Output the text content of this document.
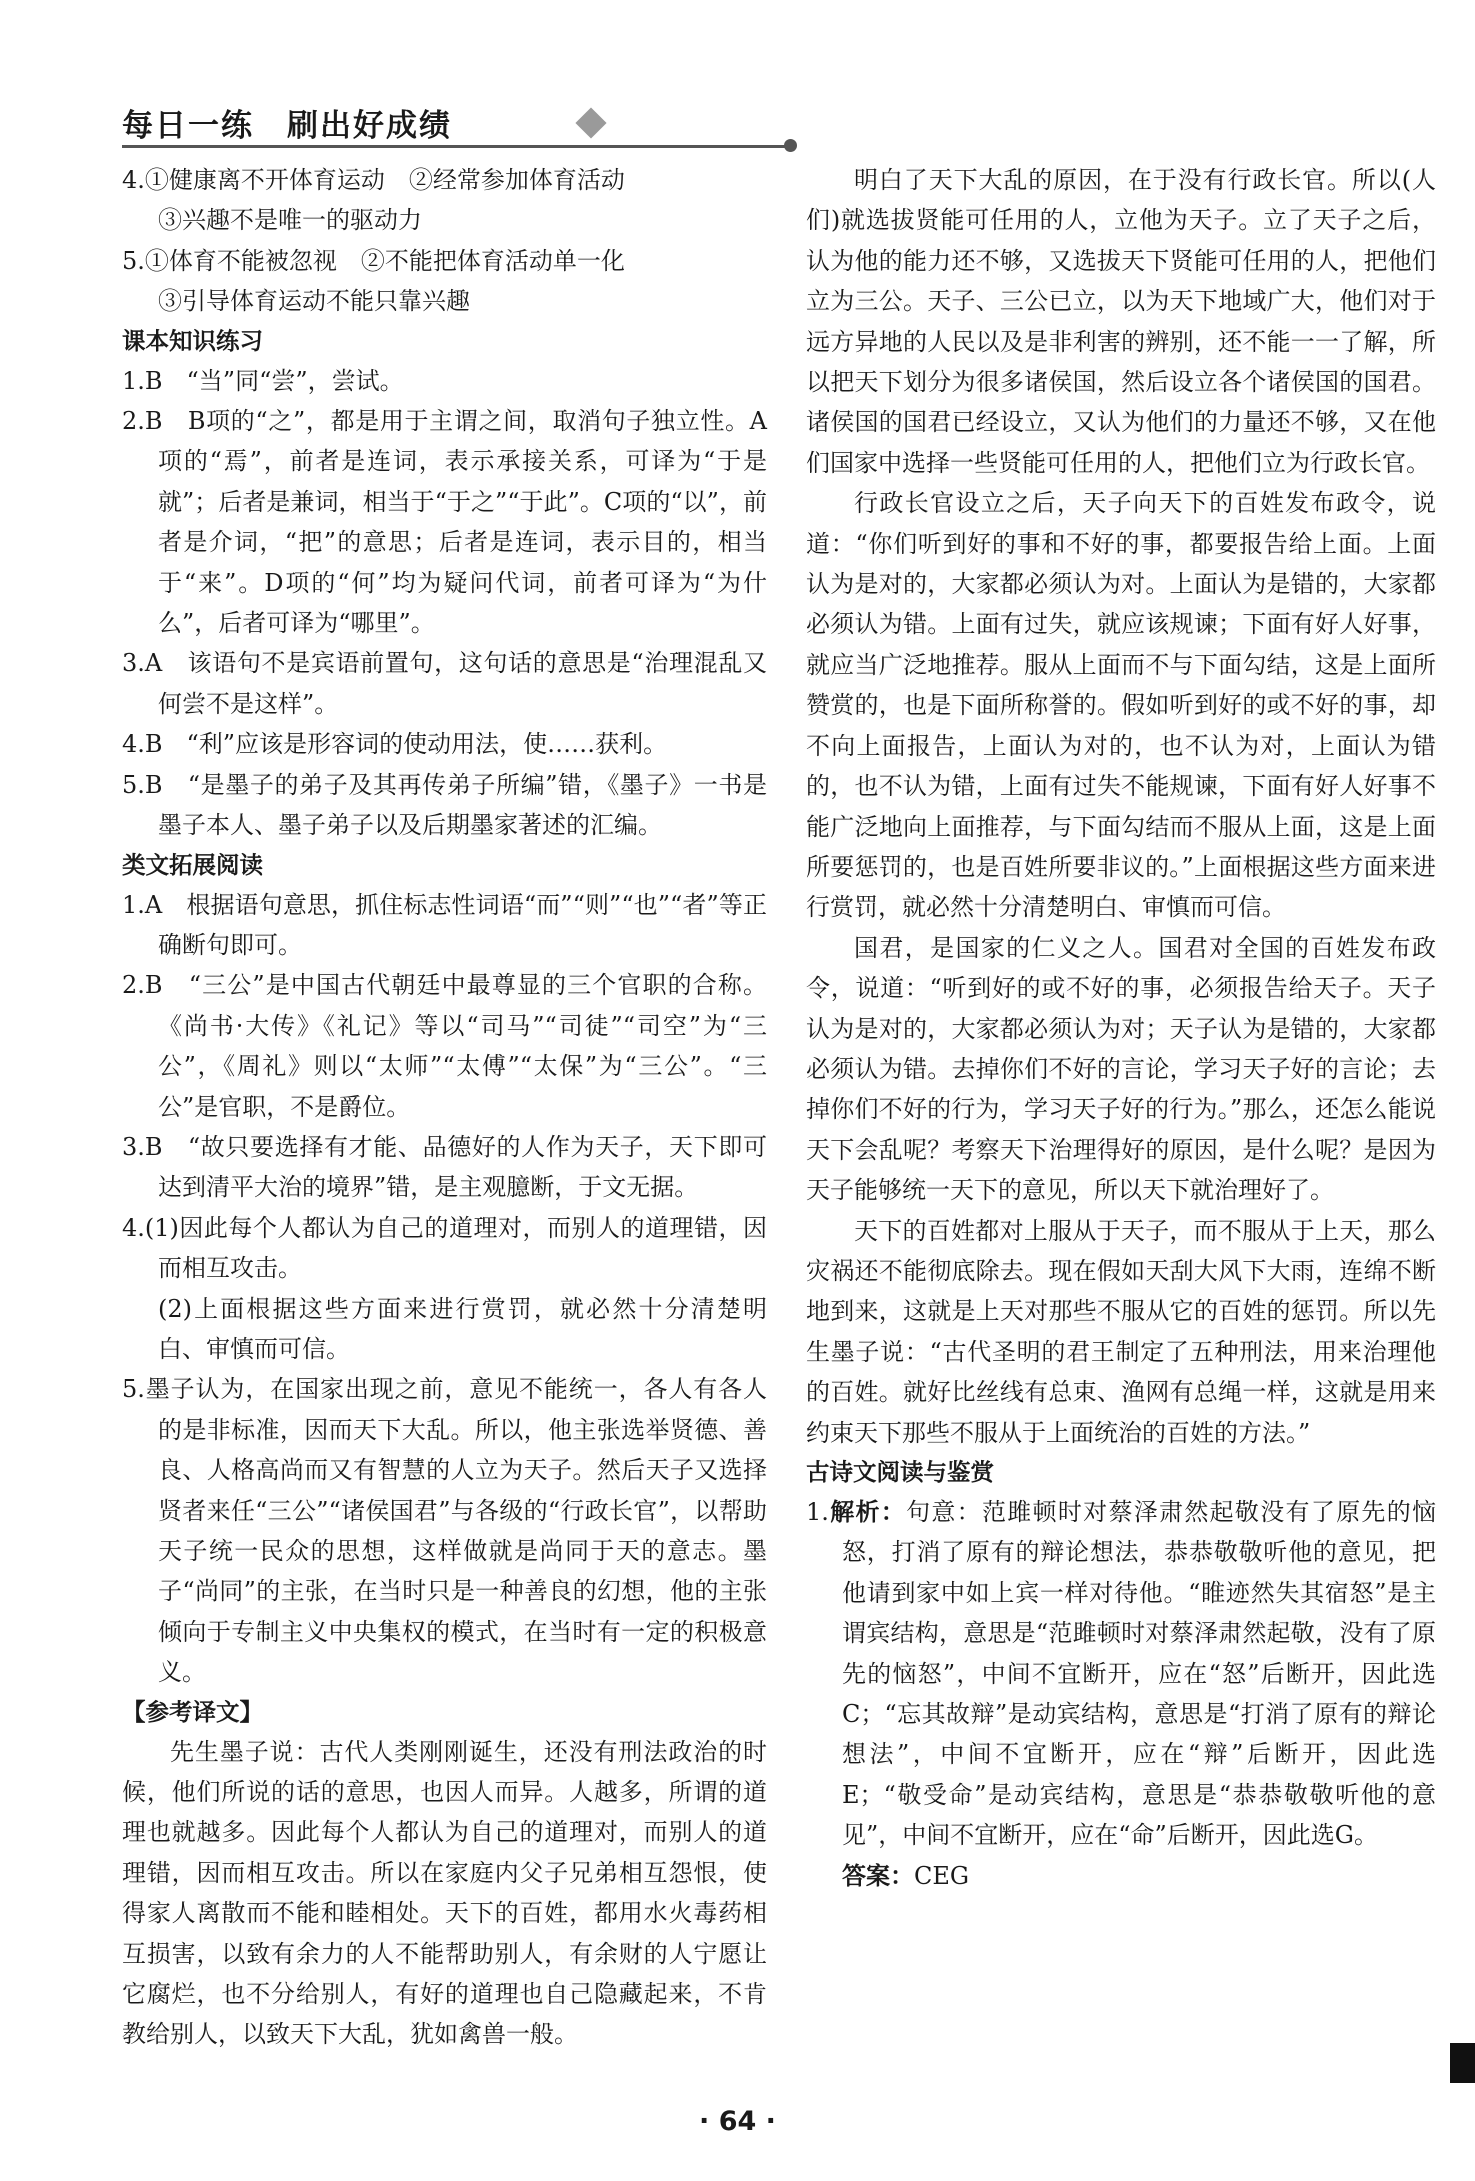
每日一练　刷出好成绩

4.①健康离不开体育运动　②经常参加体育活动

③兴趣不是唯一的驱动力

5.①体育不能被忽视　②不能把体育活动单一化

③引导体育运动不能只靠兴趣

课本知识练习

1.B　“当”同“尝”，尝试。

2.B　B项的“之”，都是用于主谓之间，取消句子独立性。A项的“焉”，前者是连词，表示承接关系，可译为“于是就”；后者是兼词，相当于“于之”“于此”。C项的“以”，前者是介词，“把”的意思；后者是连词，表示目的，相当于“来”。D项的“何”均为疑问代词，前者可译为“为什么”，后者可译为“哪里”。

3.A　该语句不是宾语前置句，这句话的意思是“治理混乱又何尝不是这样”。

4.B　“利”应该是形容词的使动用法，使……获利。

5.B　“是墨子的弟子及其再传弟子所编”错，《墨子》一书是墨子本人、墨子弟子以及后期墨家著述的汇编。

类文拓展阅读

1.A　根据语句意思，抓住标志性词语“而”“则”“也”“者”等正确断句即可。

2.B　“三公”是中国古代朝廷中最尊显的三个官职的合称。《尚书·大传》《礼记》等以“司马”“司徒”“司空”为“三公”，《周礼》则以“太师”“太傅”“太保”为“三公”。“三公”是官职，不是爵位。

3.B　“故只要选择有才能、品德好的人作为天子，天下即可达到清平大治的境界”错，是主观臆断，于文无据。

4.(1)因此每个人都认为自己的道理对，而别人的道理错，因而相互攻击。

(2)上面根据这些方面来进行赏罚，就必然十分清楚明白、审慎而可信。

5.墨子认为，在国家出现之前，意见不能统一，各人有各人的是非标准，因而天下大乱。所以，他主张选举贤德、善良、人格高尚而又有智慧的人立为天子。然后天子又选择贤者来任“三公”“诸侯国君”与各级的“行政长官”，以帮助天子统一民众的思想，这样做就是尚同于天的意志。墨子“尚同”的主张，在当时只是一种善良的幻想，他的主张倾向于专制主义中央集权的模式，在当时有一定的积极意义。

【参考译文】

先生墨子说：古代人类刚刚诞生，还没有刑法政治的时候，他们所说的话的意思，也因人而异。人越多，所谓的道理也就越多。因此每个人都认为自己的道理对，而别人的道理错，因而相互攻击。所以在家庭内父子兄弟相互怨恨，使得家人离散而不能和睦相处。天下的百姓，都用水火毒药相互损害，以致有余力的人不能帮助别人，有余财的人宁愿让它腐烂，也不分给别人，有好的道理也自己隐藏起来，不肯教给别人，以致天下大乱，犹如禽兽一般。

明白了天下大乱的原因，在于没有行政长官。所以(人们)就选拔贤能可任用的人，立他为天子。立了天子之后，认为他的能力还不够，又选拔天下贤能可任用的人，把他们立为三公。天子、三公已立，以为天下地域广大，他们对于远方异地的人民以及是非利害的辨别，还不能一一了解，所以把天下划分为很多诸侯国，然后设立各个诸侯国的国君。诸侯国的国君已经设立，又认为他们的力量还不够，又在他们国家中选择一些贤能可任用的人，把他们立为行政长官。

行政长官设立之后，天子向天下的百姓发布政令，说道：“你们听到好的事和不好的事，都要报告给上面。上面认为是对的，大家都必须认为对。上面认为是错的，大家都必须认为错。上面有过失，就应该规谏；下面有好人好事，就应当广泛地推荐。服从上面而不与下面勾结，这是上面所赞赏的，也是下面所称誉的。假如听到好的或不好的事，却不向上面报告，上面认为对的，也不认为对，上面认为错的，也不认为错，上面有过失不能规谏，下面有好人好事不能广泛地向上面推荐，与下面勾结而不服从上面，这是上面所要惩罚的，也是百姓所要非议的。”上面根据这些方面来进行赏罚，就必然十分清楚明白、审慎而可信。

国君，是国家的仁义之人。国君对全国的百姓发布政令，说道：“听到好的或不好的事，必须报告给天子。天子认为是对的，大家都必须认为对；天子认为是错的，大家都必须认为错。去掉你们不好的言论，学习天子好的言论；去掉你们不好的行为，学习天子好的行为。”那么，还怎么能说天下会乱呢？考察天下治理得好的原因，是什么呢？是因为天子能够统一天下的意见，所以天下就治理好了。

天下的百姓都对上服从于天子，而不服从于上天，那么灾祸还不能彻底除去。现在假如天刮大风下大雨，连绵不断地到来，这就是上天对那些不服从它的百姓的惩罚。所以先生墨子说：“古代圣明的君王制定了五种刑法，用来治理他的百姓。就好比丝线有总束、渔网有总绳一样，这就是用来约束天下那些不服从于上面统治的百姓的方法。”

古诗文阅读与鉴赏

1.解析：句意：范雎顿时对蔡泽肃然起敬没有了原先的恼怒，打消了原有的辩论想法，恭恭敬敬听他的意见，把他请到家中如上宾一样对待他。“睢迹然失其宿怒”是主谓宾结构，意思是“范雎顿时对蔡泽肃然起敬，没有了原先的恼怒”，中间不宜断开，应在“怒”后断开，因此选C；“忘其故辩”是动宾结构，意思是“打消了原有的辩论想法”，中间不宜断开，应在“辩”后断开，因此选E；“敬受命”是动宾结构，意思是“恭恭敬敬听他的意见”，中间不宜断开，应在“命”后断开，因此选G。

答案：CEG

· 64 ·
